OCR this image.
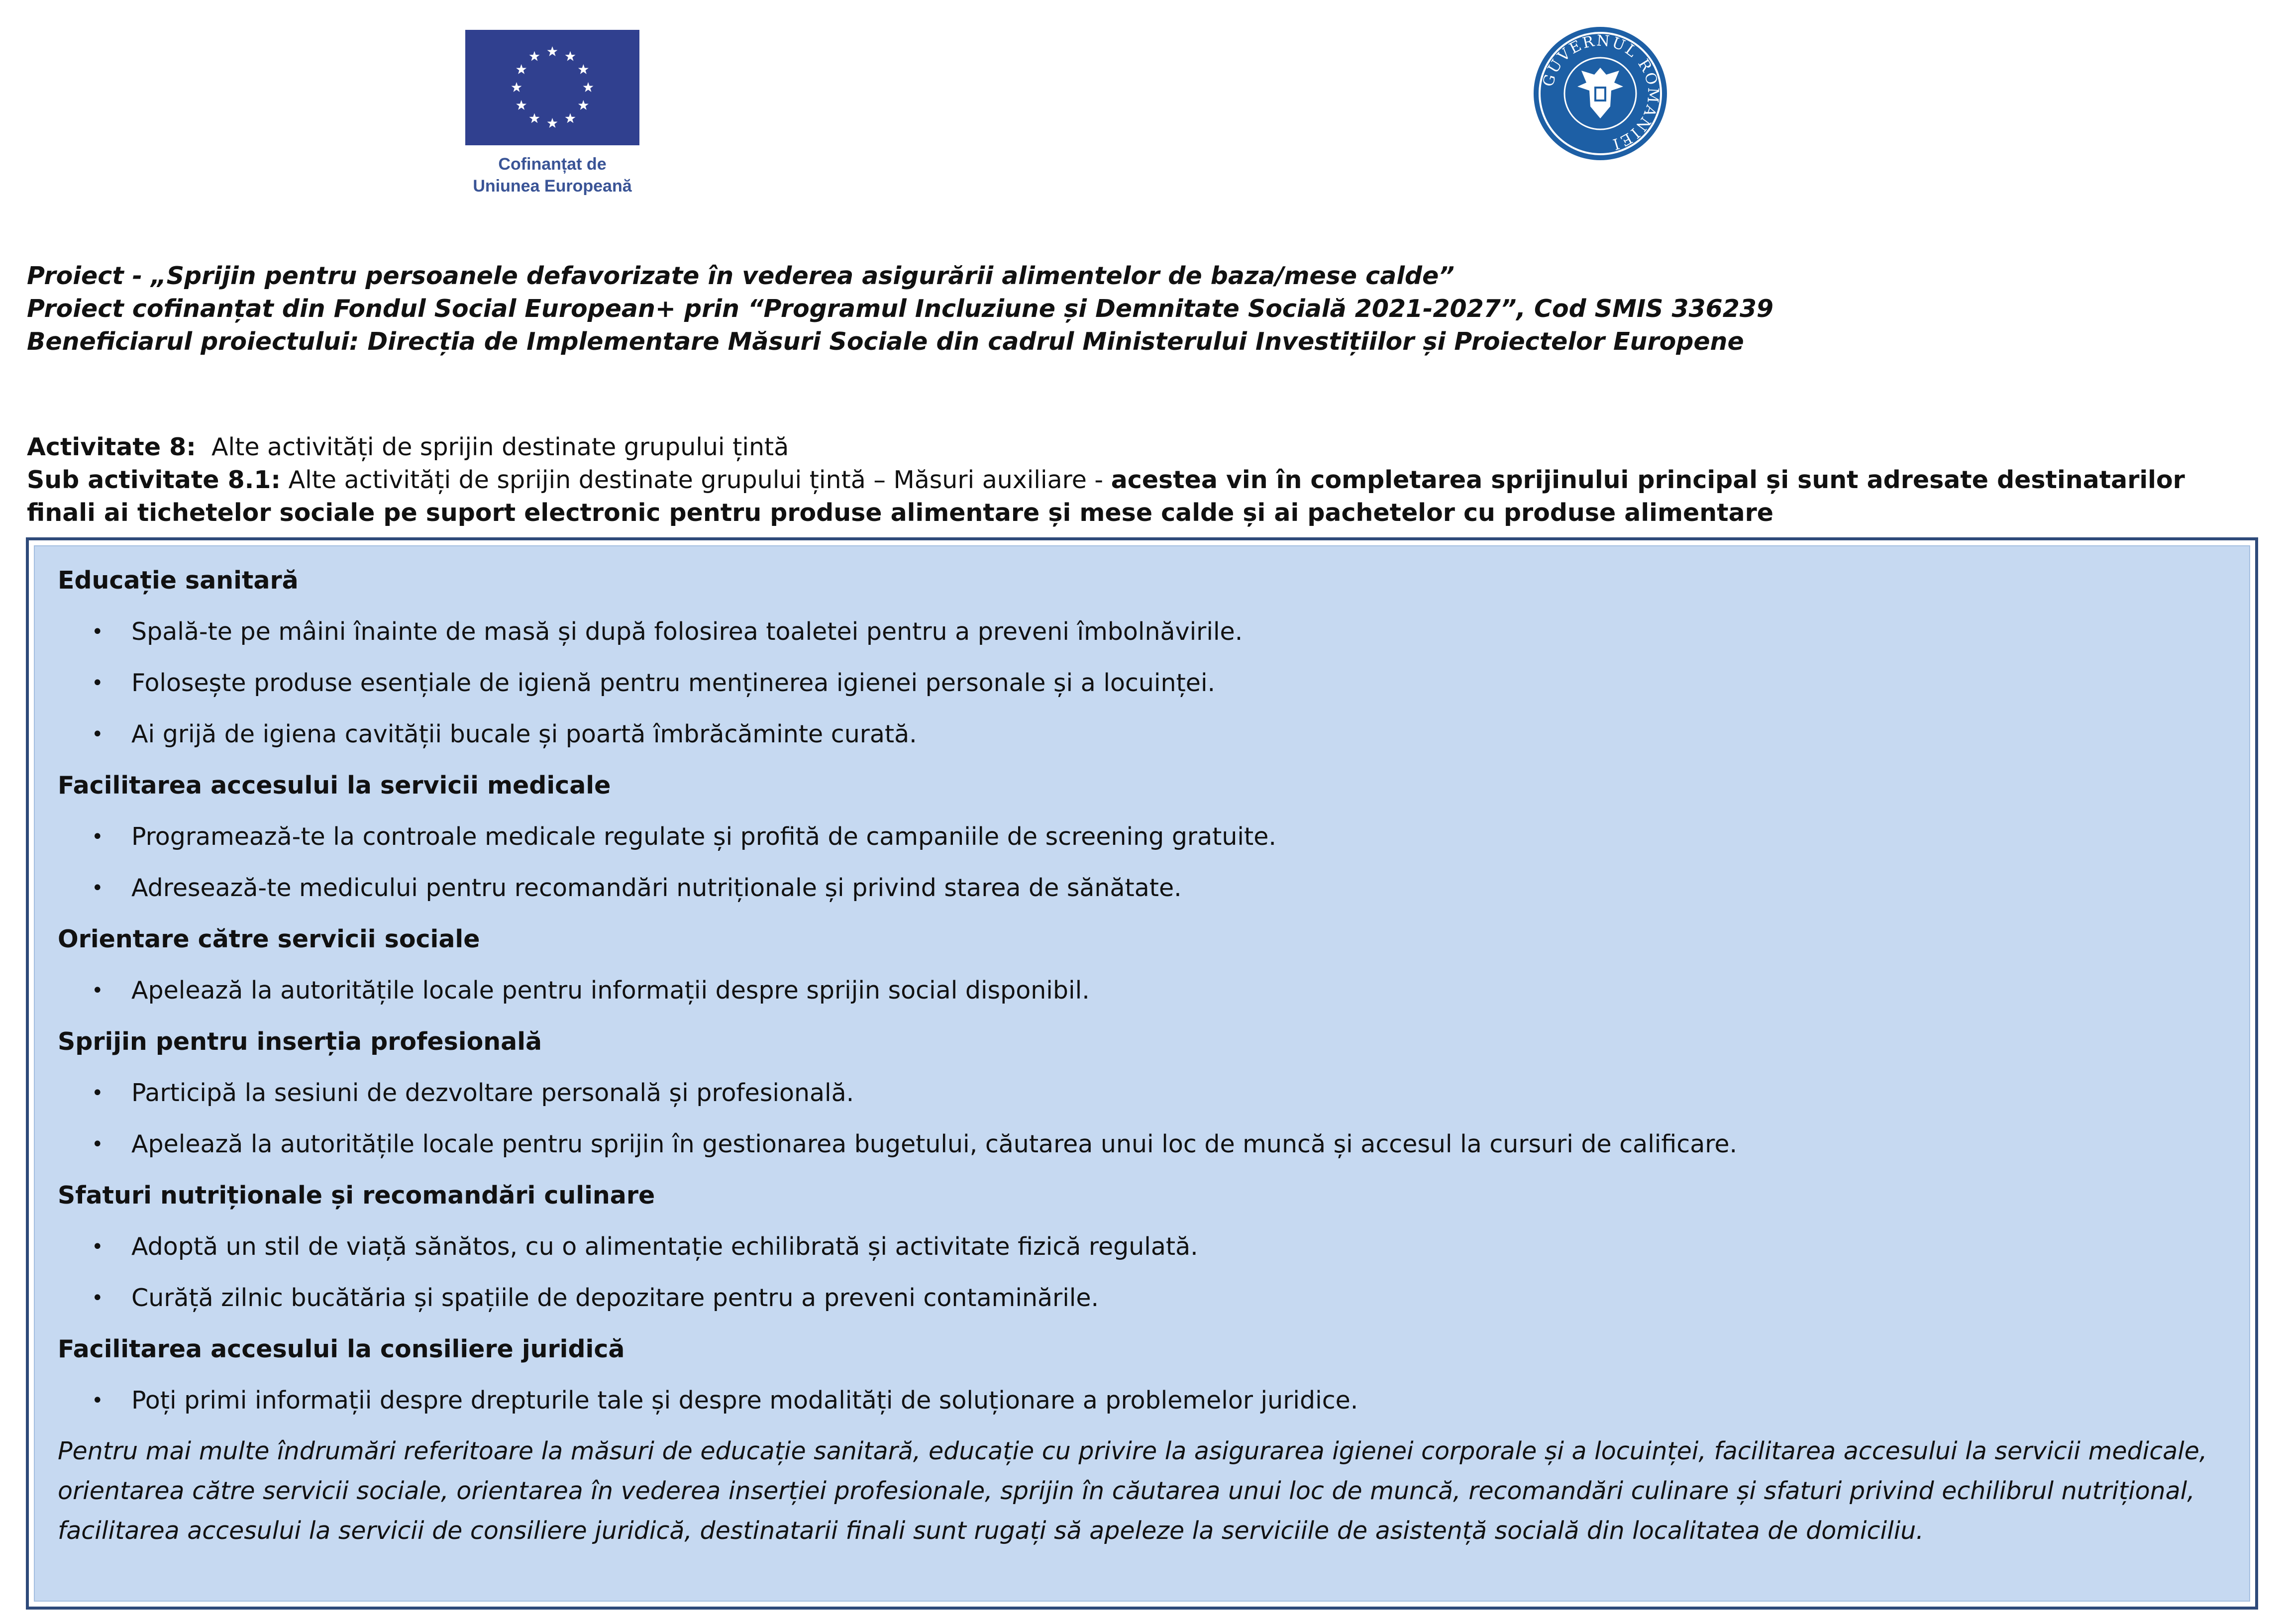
Cofinanțat de
Uniunea Europeană
GUVERNUL ROMÂNIEI
Proiect - „Sprijin pentru persoanele defavorizate în vederea asigurării alimentelor de baza/mese calde”
Proiect cofinanțat din Fondul Social European+ prin “Programul Incluziune și Demnitate Socială 2021-2027”, Cod SMIS 336239
Beneficiarul proiectului: Direcția de Implementare Măsuri Sociale din cadrul Ministerului Investițiilor și Proiectelor Europene
Activitate 8: Alte activități de sprijin destinate grupului țintă
Sub activitate 8.1: Alte activități de sprijin destinate grupului țintă – Măsuri auxiliare - acestea vin în completarea sprijinului principal și sunt adresate destinatarilor
finali ai tichetelor sociale pe suport electronic pentru produse alimentare și mese calde și ai pachetelor cu produse alimentare
Educație sanitară
• Spală-te pe mâini înainte de masă și după folosirea toaletei pentru a preveni îmbolnăvirile.
• Folosește produse esențiale de igienă pentru menținerea igienei personale și a locuinței.
• Ai grijă de igiena cavității bucale și poartă îmbrăcăminte curată.
Facilitarea accesului la servicii medicale
• Programează-te la controale medicale regulate și profită de campaniile de screening gratuite.
• Adresează-te medicului pentru recomandări nutriționale și privind starea de sănătate.
Orientare către servicii sociale
• Apelează la autoritățile locale pentru informații despre sprijin social disponibil.
Sprijin pentru inserția profesională
• Participă la sesiuni de dezvoltare personală și profesională.
• Apelează la autoritățile locale pentru sprijin în gestionarea bugetului, căutarea unui loc de muncă și accesul la cursuri de calificare.
Sfaturi nutriționale și recomandări culinare
• Adoptă un stil de viață sănătos, cu o alimentație echilibrată și activitate fizică regulată.
• Curăță zilnic bucătăria și spațiile de depozitare pentru a preveni contaminările.
Facilitarea accesului la consiliere juridică
• Poți primi informații despre drepturile tale și despre modalități de soluționare a problemelor juridice.
Pentru mai multe îndrumări referitoare la măsuri de educație sanitară, educație cu privire la asigurarea igienei corporale și a locuinței, facilitarea accesului la servicii medicale, orientarea către servicii sociale, orientarea în vederea inserției profesionale, sprijin în căutarea unui loc de muncă, recomandări culinare și sfaturi privind echilibrul nutrițional, facilitarea accesului la servicii de consiliere juridică, destinatarii finali sunt rugați să apeleze la serviciile de asistență socială din localitatea de domiciliu.
